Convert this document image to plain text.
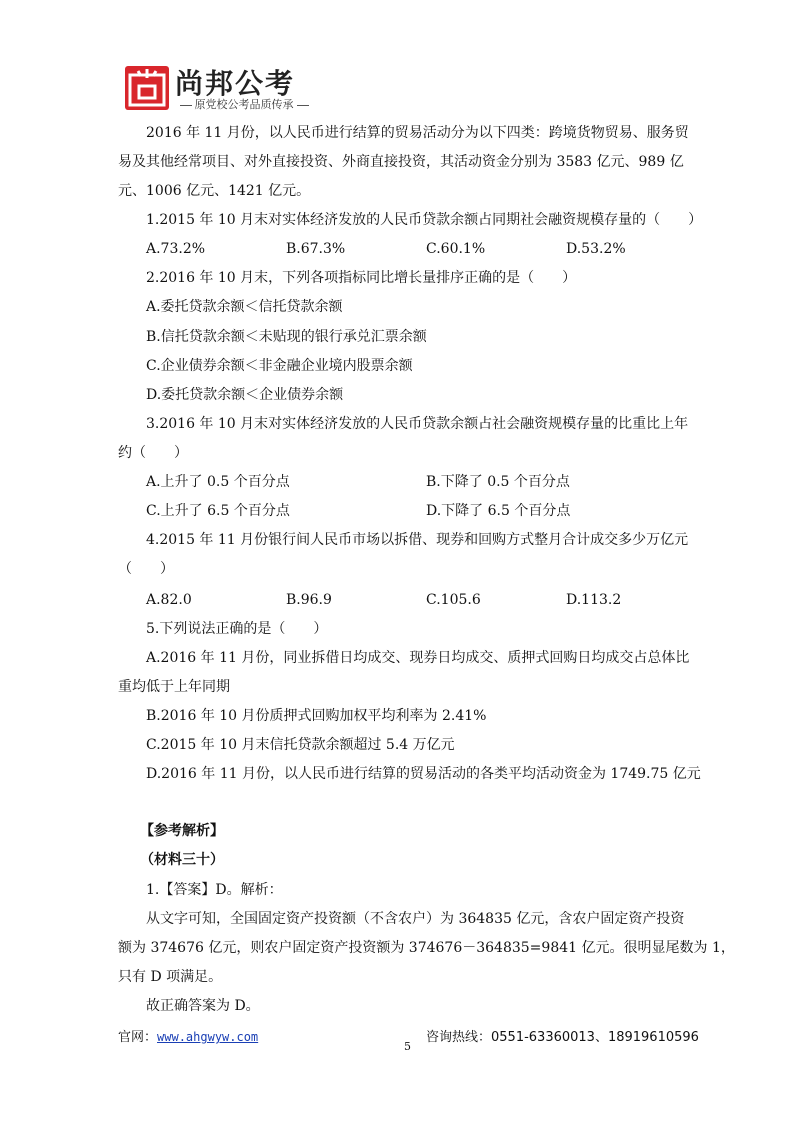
尚邦公考
原党校公考品质传承
2016 年 11 月份，以人民币进行结算的贸易活动分为以下四类：跨境货物贸易、服务贸
易及其他经常项目、对外直接投资、外商直接投资，其活动资金分别为 3583 亿元、989 亿
元、1006 亿元、1421 亿元。
1.2015 年 10 月末对实体经济发放的人民币贷款余额占同期社会融资规模存量的（　　）
A.73.2%	B.67.3%	C.60.1%	D.53.2%
2.2016 年 10 月末，下列各项指标同比增长量排序正确的是（　　）
A.委托贷款余额＜信托贷款余额
B.信托贷款余额＜未贴现的银行承兑汇票余额
C.企业债券余额＜非金融企业境内股票余额
D.委托贷款余额＜企业债券余额
3.2016 年 10 月末对实体经济发放的人民币贷款余额占社会融资规模存量的比重比上年
约（　　）
A.上升了 0.5 个百分点	B.下降了 0.5 个百分点
C.上升了 6.5 个百分点	D.下降了 6.5 个百分点
4.2015 年 11 月份银行间人民币市场以拆借、现券和回购方式整月合计成交多少万亿元
（　　）
A.82.0	B.96.9	C.105.6	D.113.2
5.下列说法正确的是（　　）
A.2016 年 11 月份，同业拆借日均成交、现券日均成交、质押式回购日均成交占总体比
重均低于上年同期
B.2016 年 10 月份质押式回购加权平均利率为 2.41%
C.2015 年 10 月末信托贷款余额超过 5.4 万亿元
D.2016 年 11 月份，以人民币进行结算的贸易活动的各类平均活动资金为 1749.75 亿元
【参考解析】
（材料三十）
1.【答案】D。解析：
从文字可知，全国固定资产投资额（不含农户）为 364835 亿元，含农户固定资产投资
额为 374676 亿元，则农户固定资产投资额为 374676－364835=9841 亿元。很明显尾数为 1，
只有 D 项满足。
故正确答案为 D。
官网：www.ahgwyw.com	咨询热线：0551-63360013、18919610596
5
